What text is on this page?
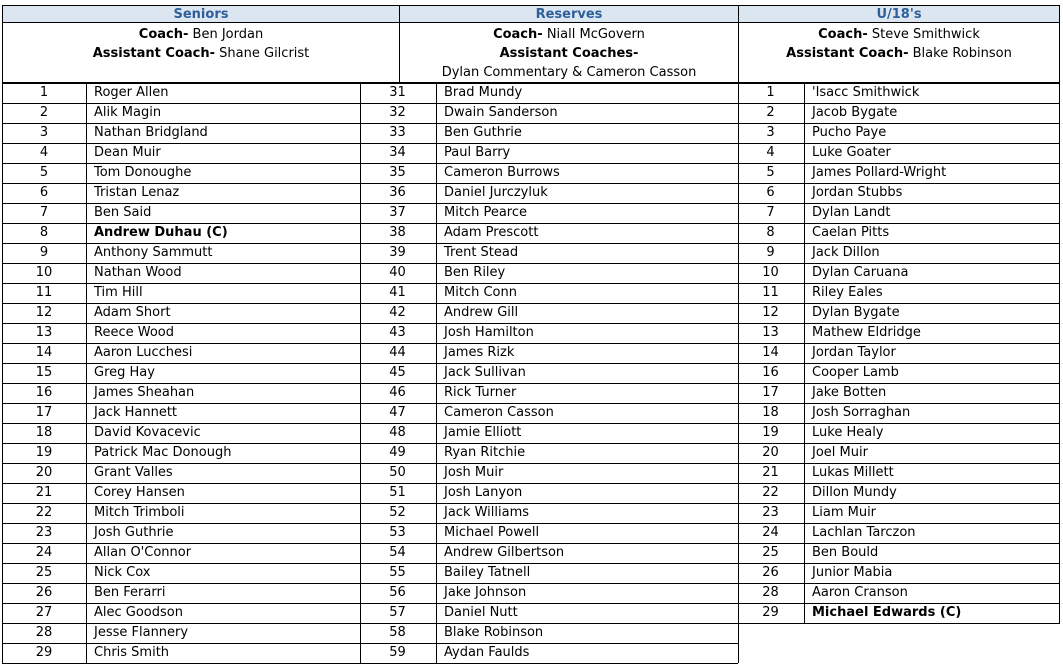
Seniors	Reserves	U/18's
Coach- Ben Jordan
Assistant Coach- Shane Gilcrist
Coach- Niall McGovern
Assistant Coaches-
Dylan Commentary & Cameron Casson
Coach- Steve Smithwick
Assistant Coach- Blake Robinson
1	Roger Allen
2	Alik Magin
3	Nathan Bridgland
4	Dean Muir
5	Tom Donoughe
6	Tristan Lenaz
7	Ben Said
8	Andrew Duhau (C)
9	Anthony Sammutt
10	Nathan Wood
11	Tim Hill
12	Adam Short
13	Reece Wood
14	Aaron Lucchesi
15	Greg Hay
16	James Sheahan
17	Jack Hannett
18	David Kovacevic
19	Patrick Mac Donough
20	Grant Valles
21	Corey Hansen
22	Mitch Trimboli
23	Josh Guthrie
24	Allan O'Connor
25	Nick Cox
26	Ben Ferarri
27	Alec Goodson
28	Jesse Flannery
29	Chris Smith
31	Brad Mundy
32	Dwain Sanderson
33	Ben Guthrie
34	Paul Barry
35	Cameron Burrows
36	Daniel Jurczyluk
37	Mitch Pearce
38	Adam Prescott
39	Trent Stead
40	Ben Riley
41	Mitch Conn
42	Andrew Gill
43	Josh Hamilton
44	James Rizk
45	Jack Sullivan
46	Rick Turner
47	Cameron Casson
48	Jamie Elliott
49	Ryan Ritchie
50	Josh Muir
51	Josh Lanyon
52	Jack Williams
53	Michael Powell
54	Andrew Gilbertson
55	Bailey Tatnell
56	Jake Johnson
57	Daniel Nutt
58	Blake Robinson
59	Aydan Faulds
1	'Isacc Smithwick
2	Jacob Bygate
3	Pucho Paye
4	Luke Goater
5	James Pollard-Wright
6	Jordan Stubbs
7	Dylan Landt
8	Caelan Pitts
9	Jack Dillon
10	Dylan Caruana
11	Riley Eales
12	Dylan Bygate
13	Mathew Eldridge
14	Jordan Taylor
16	Cooper Lamb
17	Jake Botten
18	Josh Sorraghan
19	Luke Healy
20	Joel Muir
21	Lukas Millett
22	Dillon Mundy
23	Liam Muir
24	Lachlan Tarczon
25	Ben Bould
26	Junior Mabia
28	Aaron Cranson
29	Michael Edwards (C)
